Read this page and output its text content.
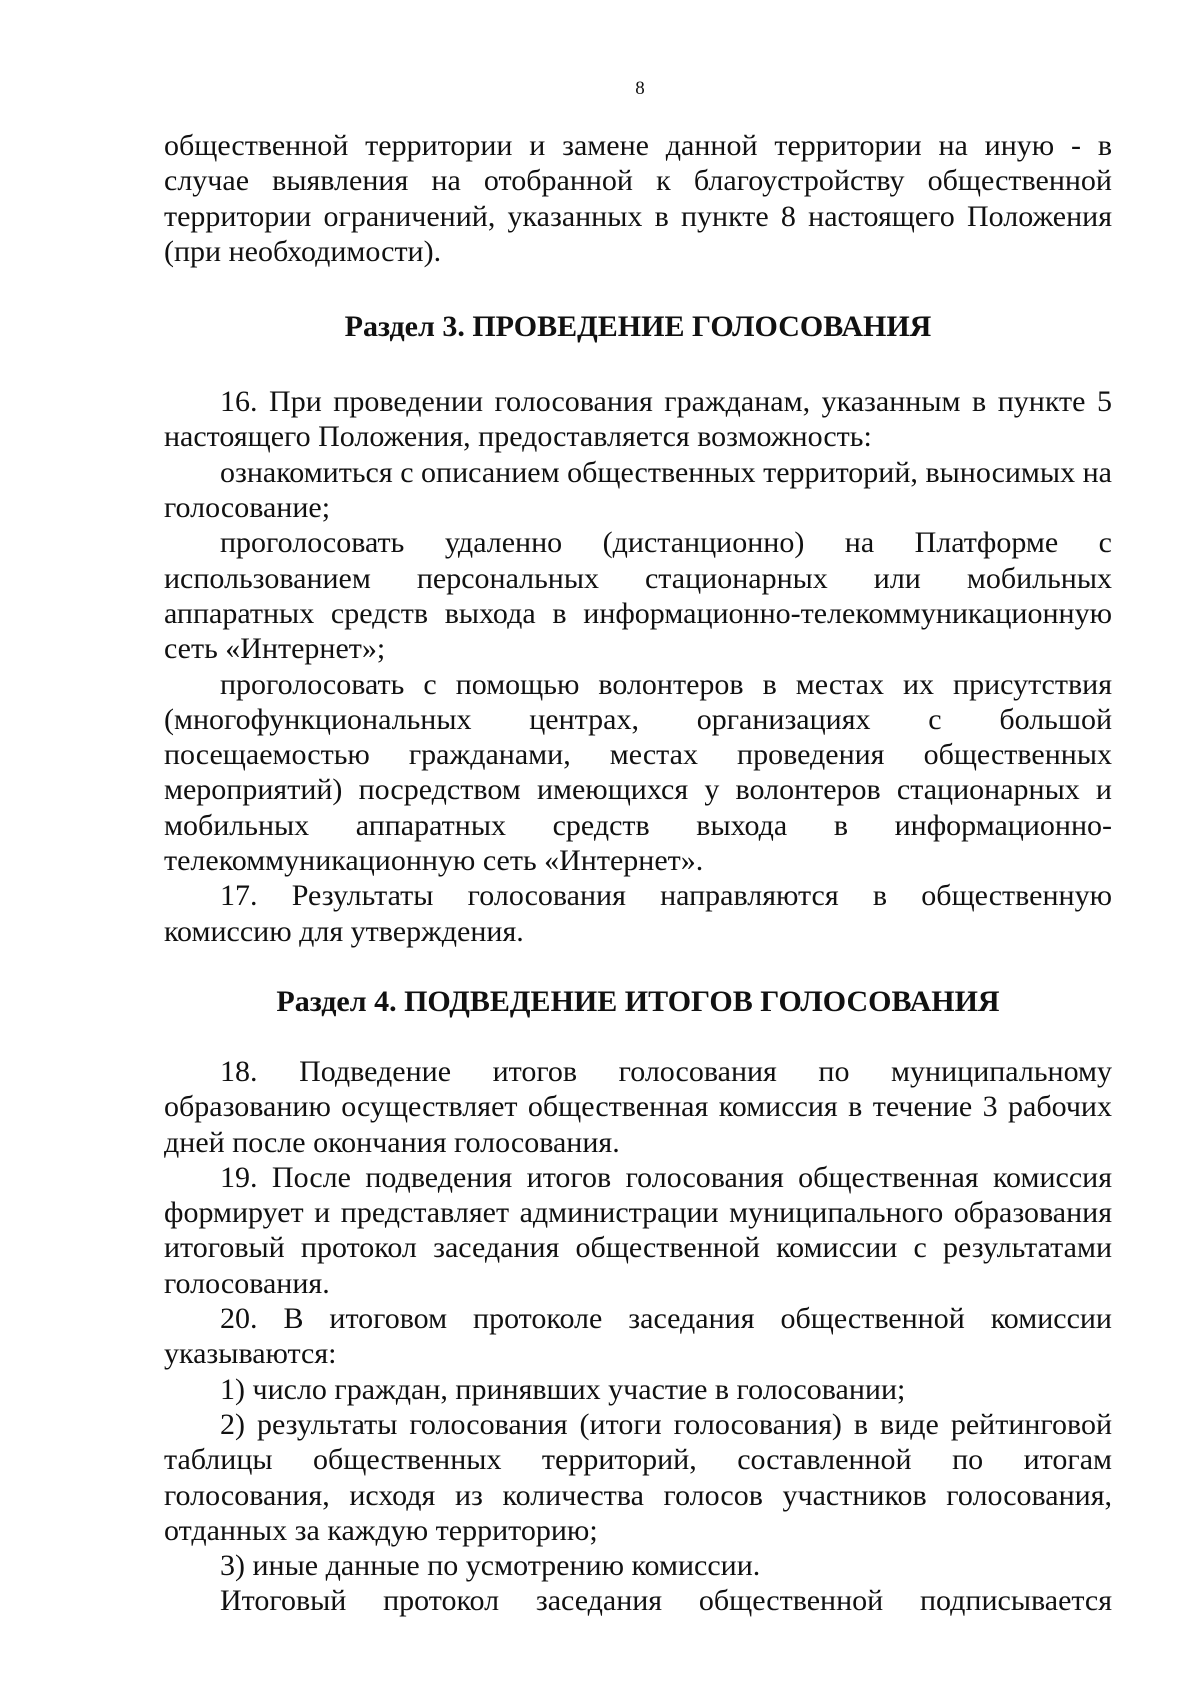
8

общественной территории и замене данной территории на иную - в случае выявления на отобранной к благоустройству общественной территории ограничений, указанных в пункте 8 настоящего Положения (при необходимости).

Раздел 3. ПРОВЕДЕНИЕ ГОЛОСОВАНИЯ

16. При проведении голосования гражданам, указанным в пункте 5 настоящего Положения, предоставляется возможность:

ознакомиться с описанием общественных территорий, выносимых на голосование;

проголосовать удаленно (дистанционно) на Платформе с использованием персональных стационарных или мобильных аппаратных средств выхода в информационно-телекоммуникационную сеть «Интернет»;

проголосовать с помощью волонтеров в местах их присутствия (многофункциональных центрах, организациях с большой посещаемостью гражданами, местах проведения общественных мероприятий) посредством имеющихся у волонтеров стационарных и мобильных аппаратных средств выхода в информационно-телекоммуникационную сеть «Интернет».

17. Результаты голосования направляются в общественную комиссию для утверждения.

Раздел 4. ПОДВЕДЕНИЕ ИТОГОВ ГОЛОСОВАНИЯ

18. Подведение итогов голосования по муниципальному образованию осуществляет общественная комиссия в течение 3 рабочих дней после окончания голосования.

19. После подведения итогов голосования общественная комиссия формирует и представляет администрации муниципального образования итоговый протокол заседания общественной комиссии с результатами голосования.

20. В итоговом протоколе заседания общественной комиссии указываются:

1) число граждан, принявших участие в голосовании;

2) результаты голосования (итоги голосования) в виде рейтинговой таблицы общественных территорий, составленной по итогам голосования, исходя из количества голосов участников голосования, отданных за каждую территорию;

3) иные данные по усмотрению комиссии.

Итоговый протокол заседания общественной подписывается
